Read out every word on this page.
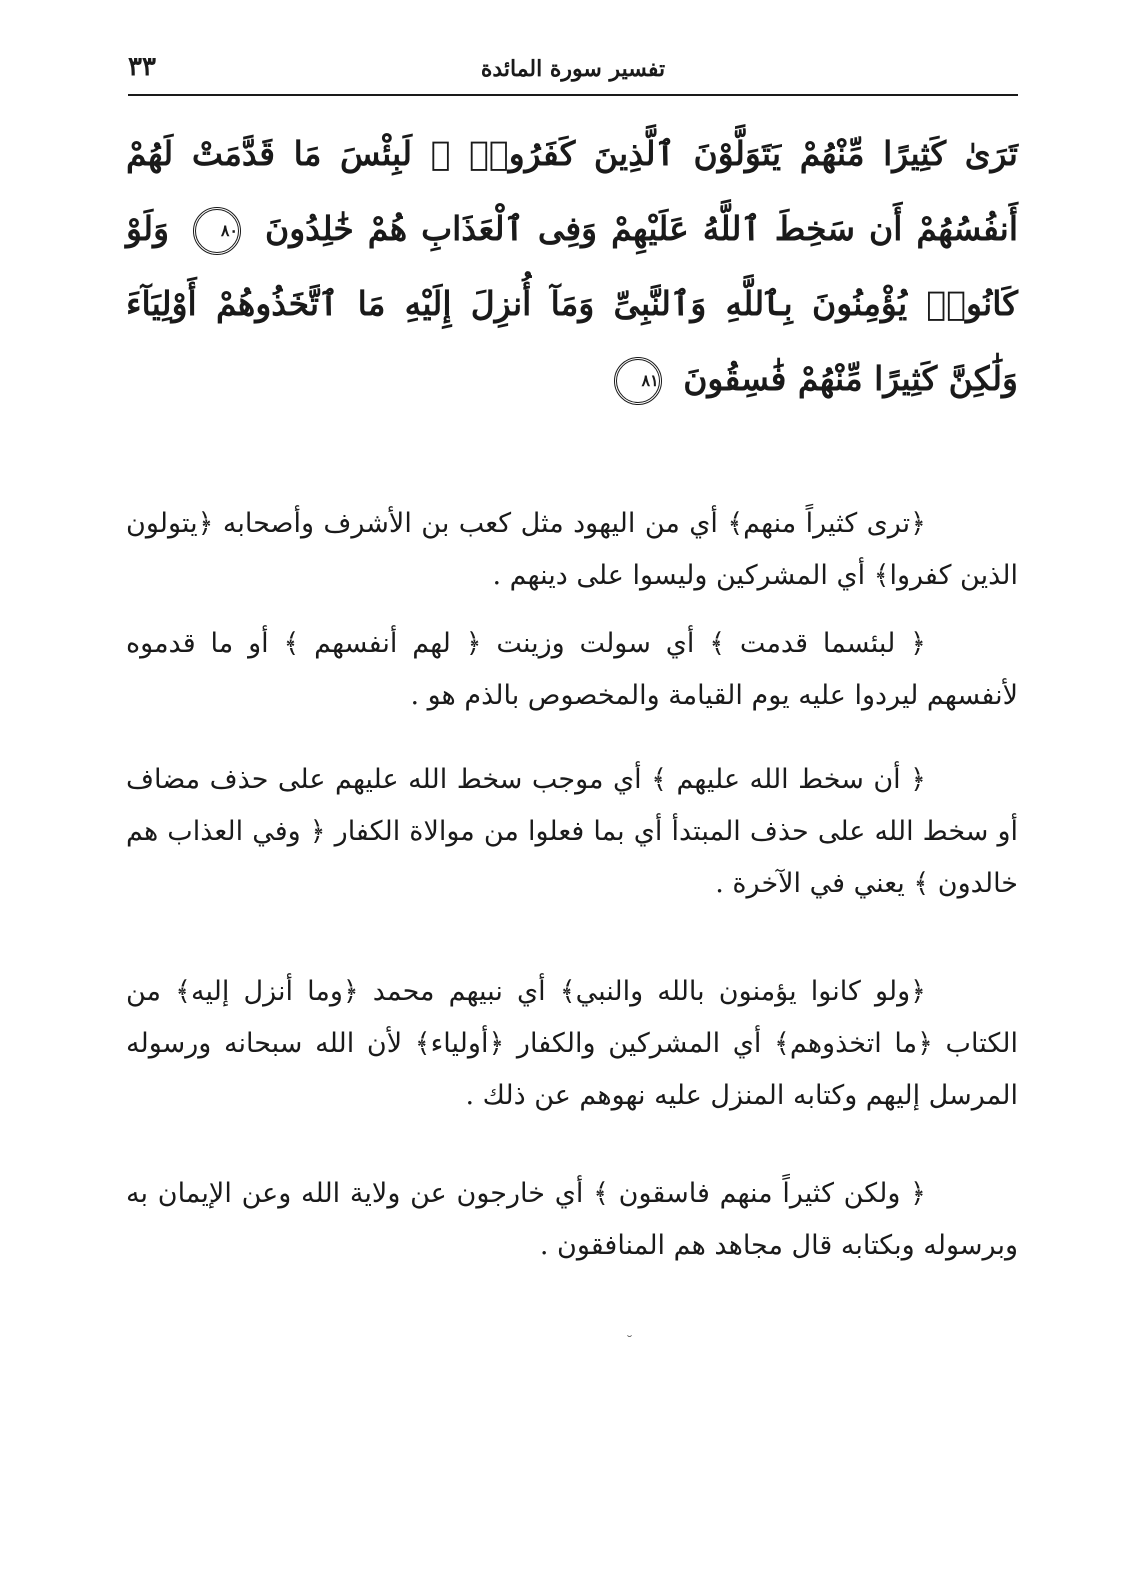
٣٣	تفسير سورة المائدة
تَرَىٰ كَثِيرًا مِّنْهُمْ يَتَوَلَّوْنَ ٱلَّذِينَ كَفَرُوا۟ ۚ لَبِئْسَ مَا قَدَّمَتْ لَهُمْ أَنفُسُهُمْ أَن سَخِطَ ٱللَّهُ عَلَيْهِمْ وَفِى ٱلْعَذَابِ هُمْ خَٰلِدُونَ ٨٠ وَلَوْ كَانُوا۟ يُؤْمِنُونَ بِٱللَّهِ وَٱلنَّبِىِّ وَمَآ أُنزِلَ إِلَيْهِ مَا ٱتَّخَذُوهُمْ أَوْلِيَآءَ وَلَٰكِنَّ كَثِيرًا مِّنْهُمْ فَٰسِقُونَ ٨١

﴿ترى كثيراً منهم﴾ أي من اليهود مثل كعب بن الأشرف وأصحابه ﴿يتولون الذين كفروا﴾ أي المشركين وليسوا على دينهم .

﴿ لبئسما قدمت ﴾ أي سولت وزينت ﴿ لهم أنفسهم ﴾ أو ما قدموه لأنفسهم ليردوا عليه يوم القيامة والمخصوص بالذم هو .

﴿ أن سخط الله عليهم ﴾ أي موجب سخط الله عليهم على حذف مضاف أو سخط الله على حذف المبتدأ أي بما فعلوا من موالاة الكفار ﴿ وفي العذاب هم خالدون ﴾ يعني في الآخرة .

﴿ولو كانوا يؤمنون بالله والنبي﴾ أي نبيهم محمد ﴿وما أنزل إليه﴾ من الكتاب ﴿ما اتخذوهم﴾ أي المشركين والكفار ﴿أولياء﴾ لأن الله سبحانه ورسوله المرسل إليهم وكتابه المنزل عليه نهوهم عن ذلك .

﴿ ولكن كثيراً منهم فاسقون ﴾ أي خارجون عن ولاية الله وعن الإيمان به وبرسوله وبكتابه قال مجاهد هم المنافقون .

˘
